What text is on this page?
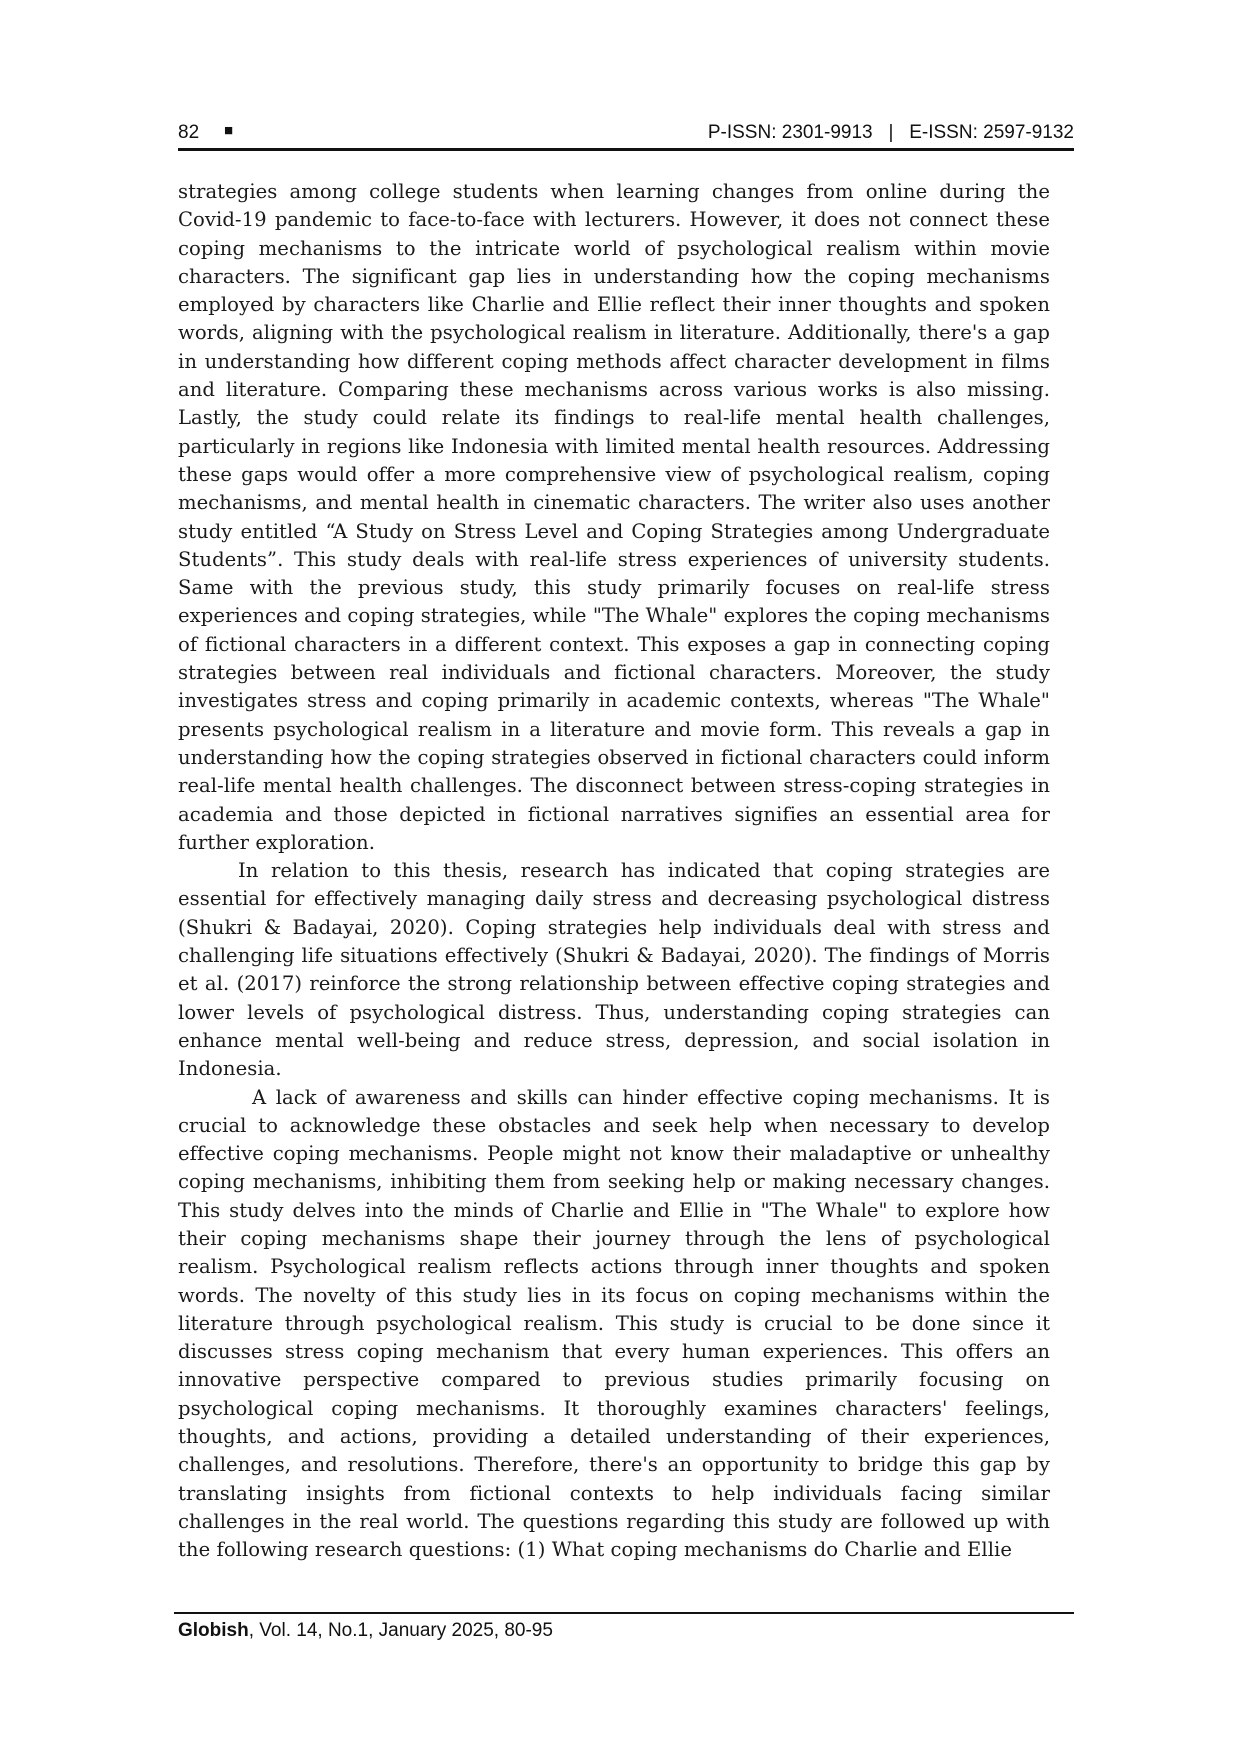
82 ■	P-ISSN: 2301-9913   |   E-ISSN: 2597-9132

strategies among college students when learning changes from online during the Covid-19 pandemic to face-to-face with lecturers. However, it does not connect these coping mechanisms to the intricate world of psychological realism within movie characters. The significant gap lies in understanding how the coping mechanisms employed by characters like Charlie and Ellie reflect their inner thoughts and spoken words, aligning with the psychological realism in literature. Additionally, there's a gap in understanding how different coping methods affect character development in films and literature. Comparing these mechanisms across various works is also missing. Lastly, the study could relate its findings to real-life mental health challenges, particularly in regions like Indonesia with limited mental health resources. Addressing these gaps would offer a more comprehensive view of psychological realism, coping mechanisms, and mental health in cinematic characters. The writer also uses another study entitled “A Study on Stress Level and Coping Strategies among Undergraduate Students”. This study deals with real-life stress experiences of university students. Same with the previous study, this study primarily focuses on real-life stress experiences and coping strategies, while "The Whale" explores the coping mechanisms of fictional characters in a different context. This exposes a gap in connecting coping strategies between real individuals and fictional characters. Moreover, the study investigates stress and coping primarily in academic contexts, whereas "The Whale" presents psychological realism in a literature and movie form. This reveals a gap in understanding how the coping strategies observed in fictional characters could inform real-life mental health challenges. The disconnect between stress-coping strategies in academia and those depicted in fictional narratives signifies an essential area for further exploration.

In relation to this thesis, research has indicated that coping strategies are essential for effectively managing daily stress and decreasing psychological distress (Shukri & Badayai, 2020). Coping strategies help individuals deal with stress and challenging life situations effectively (Shukri & Badayai, 2020). The findings of Morris et al. (2017) reinforce the strong relationship between effective coping strategies and lower levels of psychological distress. Thus, understanding coping strategies can enhance mental well-being and reduce stress, depression, and social isolation in Indonesia.

A lack of awareness and skills can hinder effective coping mechanisms. It is crucial to acknowledge these obstacles and seek help when necessary to develop effective coping mechanisms. People might not know their maladaptive or unhealthy coping mechanisms, inhibiting them from seeking help or making necessary changes. This study delves into the minds of Charlie and Ellie in "The Whale" to explore how their coping mechanisms shape their journey through the lens of psychological realism. Psychological realism reflects actions through inner thoughts and spoken words. The novelty of this study lies in its focus on coping mechanisms within the literature through psychological realism. This study is crucial to be done since it discusses stress coping mechanism that every human experiences. This offers an innovative perspective compared to previous studies primarily focusing on psychological coping mechanisms. It thoroughly examines characters' feelings, thoughts, and actions, providing a detailed understanding of their experiences, challenges, and resolutions. Therefore, there's an opportunity to bridge this gap by translating insights from fictional contexts to help individuals facing similar challenges in the real world. The questions regarding this study are followed up with the following research questions: (1) What coping mechanisms do Charlie and Ellie

Globish, Vol. 14, No.1, January 2025, 80-95
